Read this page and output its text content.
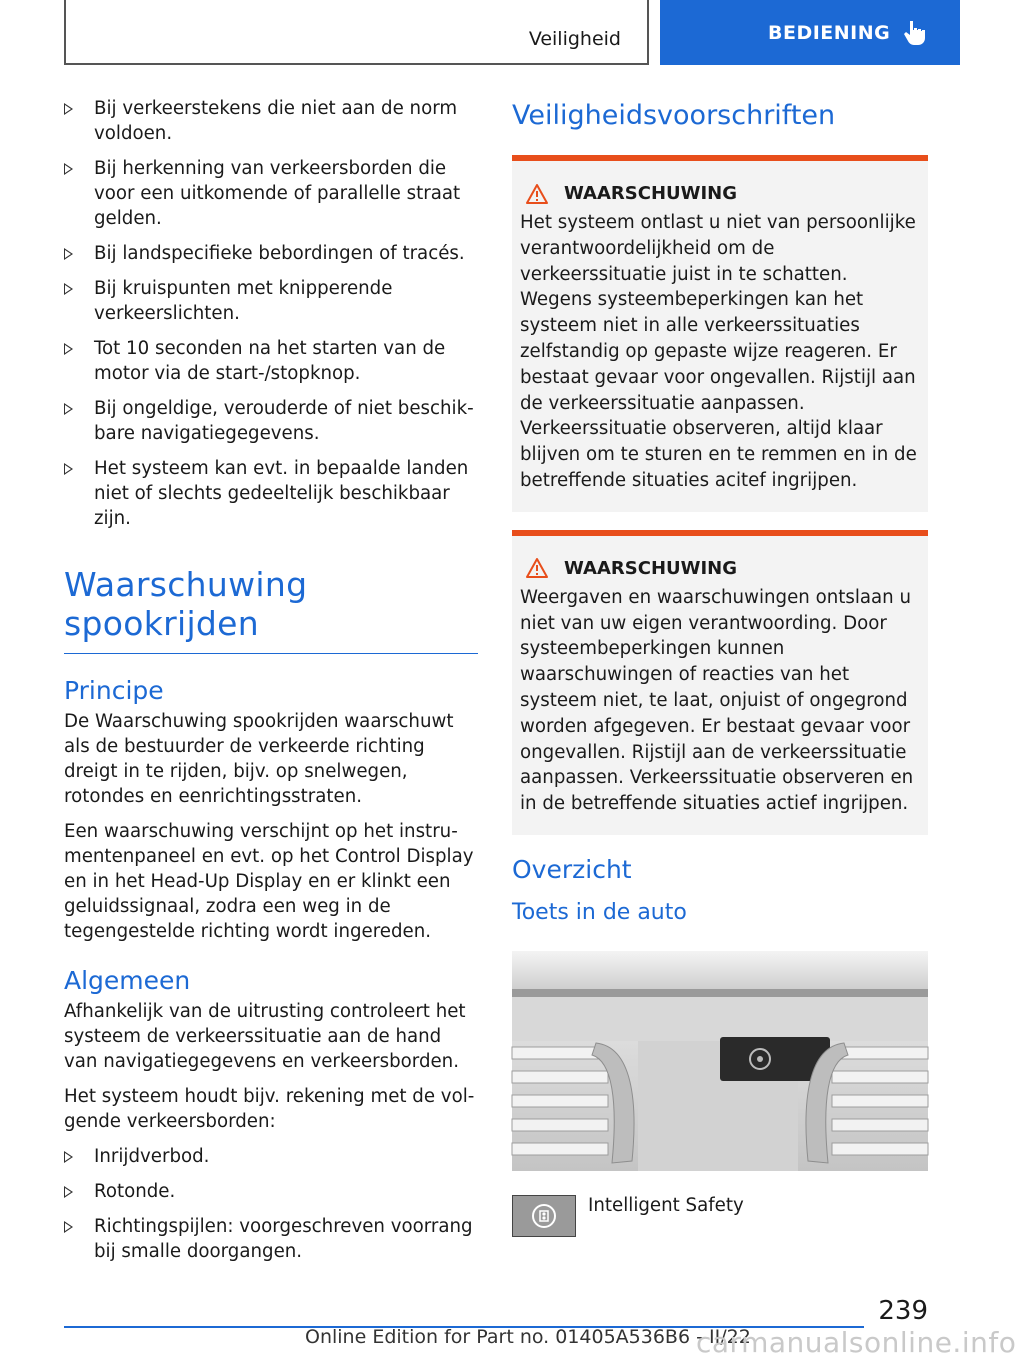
Veiligheid	BEDIENING
Bij verkeerstekens die niet aan de norm voldoen.
Bij herkenning van verkeersborden die voor een uitkomende of parallelle straat gelden.
Bij landspecifieke bebordingen of tracés.
Bij kruispunten met knipperende verkeerslichten.
Tot 10 seconden na het starten van de motor via de start-/stopknop.
Bij ongeldige, verouderde of niet beschikbare navigatiegegevens.
Het systeem kan evt. in bepaalde landen niet of slechts gedeeltelijk beschikbaar zijn.
Waarschuwing spookrijden
Principe

De Waarschuwing spookrijden waarschuwt als de bestuurder de verkeerde richting dreigt in te rijden, bijv. op snelwegen, rotondes en eenrichtingsstraten.

Een waarschuwing verschijnt op het instrumentenpaneel en evt. op het Control Display en in het Head-Up Display en er klinkt een geluidssignaal, zodra een weg in de tegengestelde richting wordt ingereden.

Algemeen

Afhankelijk van de uitrusting controleert het systeem de verkeerssituatie aan de hand van navigatiegegevens en verkeersborden.

Het systeem houdt bijv. rekening met de volgende verkeersborden:

Inrijdverbod.
Rotonde.
Richtingspijlen: voorgeschreven voorrang bij smalle doorgangen.
Veiligheidsvoorschriften
WAARSCHUWING

Het systeem ontlast u niet van persoonlijke verantwoordelijkheid om de verkeerssituatie juist in te schatten. Wegens systeembeperkingen kan het systeem niet in alle verkeerssituaties zelfstandig op gepaste wijze reageren. Er bestaat gevaar voor ongevallen. Rijstijl aan de verkeerssituatie aanpassen. Verkeerssituatie observeren, altijd klaar blijven om te sturen en te remmen en in de betreffende situaties acitef ingrijpen.

WAARSCHUWING

Weergaven en waarschuwingen ontslaan u niet van uw eigen verantwoording. Door systeembeperkingen kunnen waarschuwingen of reacties van het systeem niet, te laat, onjuist of ongegrond worden afgegeven. Er bestaat gevaar voor ongevallen. Rijstijl aan de verkeerssituatie aanpassen. Verkeerssituatie observeren en in de betreffende situaties actief ingrijpen.

Overzicht
Toets in de auto
Intelligent Safety
239
Online Edition for Part no. 01405A536B6 - II/22
carmanualsonline.info
